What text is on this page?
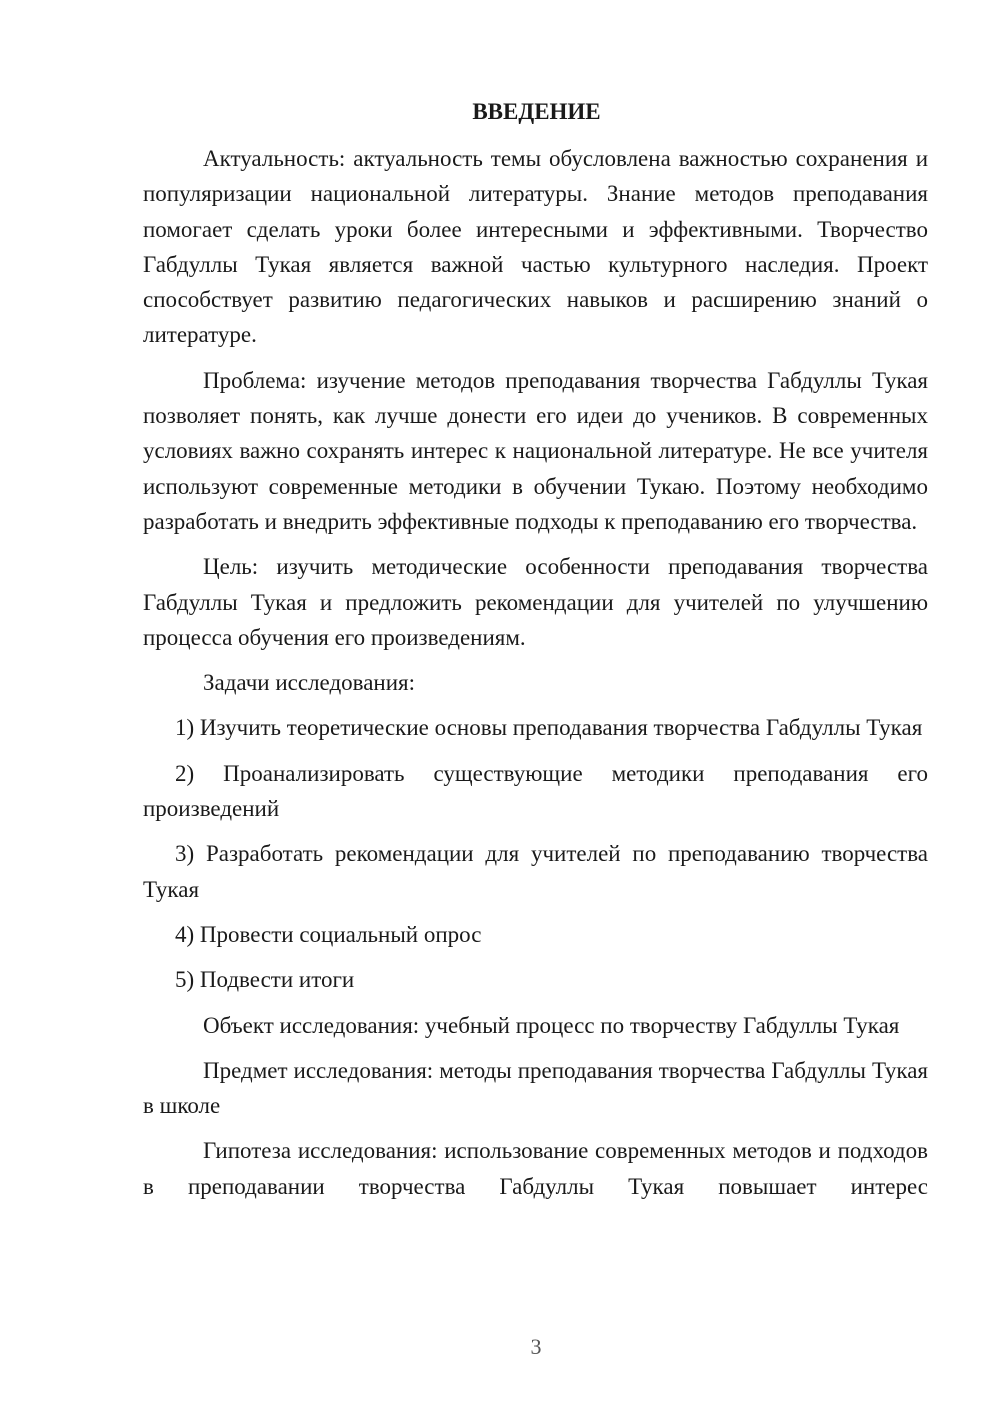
ВВЕДЕНИЕ

Актуальность: актуальность темы обусловлена важностью сохранения и популяризации национальной литературы. Знание методов преподавания помогает сделать уроки более интересными и эффективными. Творчество Габдуллы Тукая является важной частью культурного наследия. Проект способствует развитию педагогических навыков и расширению знаний о литературе.

Проблема: изучение методов преподавания творчества Габдуллы Тукая позволяет понять, как лучше донести его идеи до учеников. В современных условиях важно сохранять интерес к национальной литературе. Не все учителя используют современные методики в обучении Тукаю. Поэтому необходимо разработать и внедрить эффективные подходы к преподаванию его творчества.

Цель: изучить методические особенности преподавания творчества Габдуллы Тукая и предложить рекомендации для учителей по улучшению процесса обучения его произведениям.

Задачи исследования:

1) Изучить теоретические основы преподавания творчества Габдуллы Тукая

2) Проанализировать существующие методики преподавания его произведений

3) Разработать рекомендации для учителей по преподаванию творчества Тукая

4) Провести социальный опрос

5) Подвести итоги

Объект исследования: учебный процесс по творчеству Габдуллы Тукая

Предмет исследования: методы преподавания творчества Габдуллы Тукая в школе

Гипотеза исследования: использование современных методов и подходов в преподавании творчества Габдуллы Тукая повышает интерес

3
